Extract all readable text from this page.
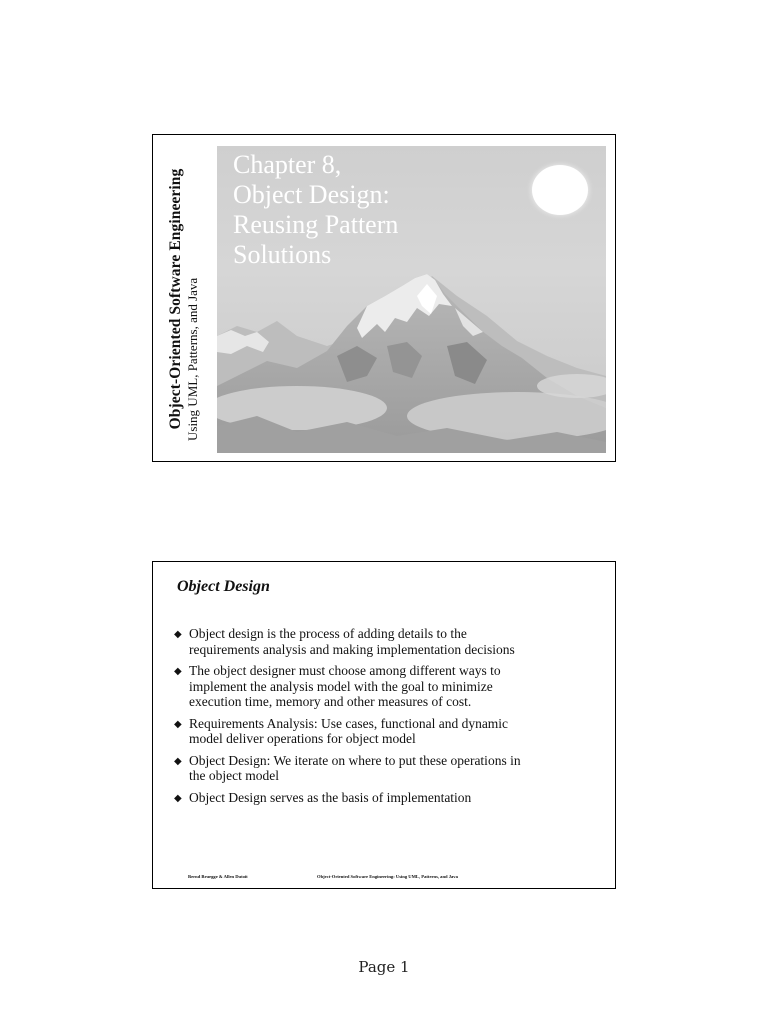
Object-Oriented Software Engineering Using UML, Patterns, and Java
Chapter 8,
Object Design:
Reusing Pattern
Solutions
Object Design
◆ Object design is the process of adding details to the
requirements analysis and making implementation decisions
◆ The object designer must choose among different ways to
implement the analysis model with the goal to minimize
execution time, memory and other measures of cost.
◆ Requirements Analysis: Use cases, functional and dynamic
model deliver operations for object model
◆ Object Design: We iterate on where to put these operations in
the object model
◆ Object Design serves as the basis of implementation
Bernd Bruegge & Allen Dutoit	Object-Oriented Software Engineering: Using UML, Patterns, and Java
Page 1
